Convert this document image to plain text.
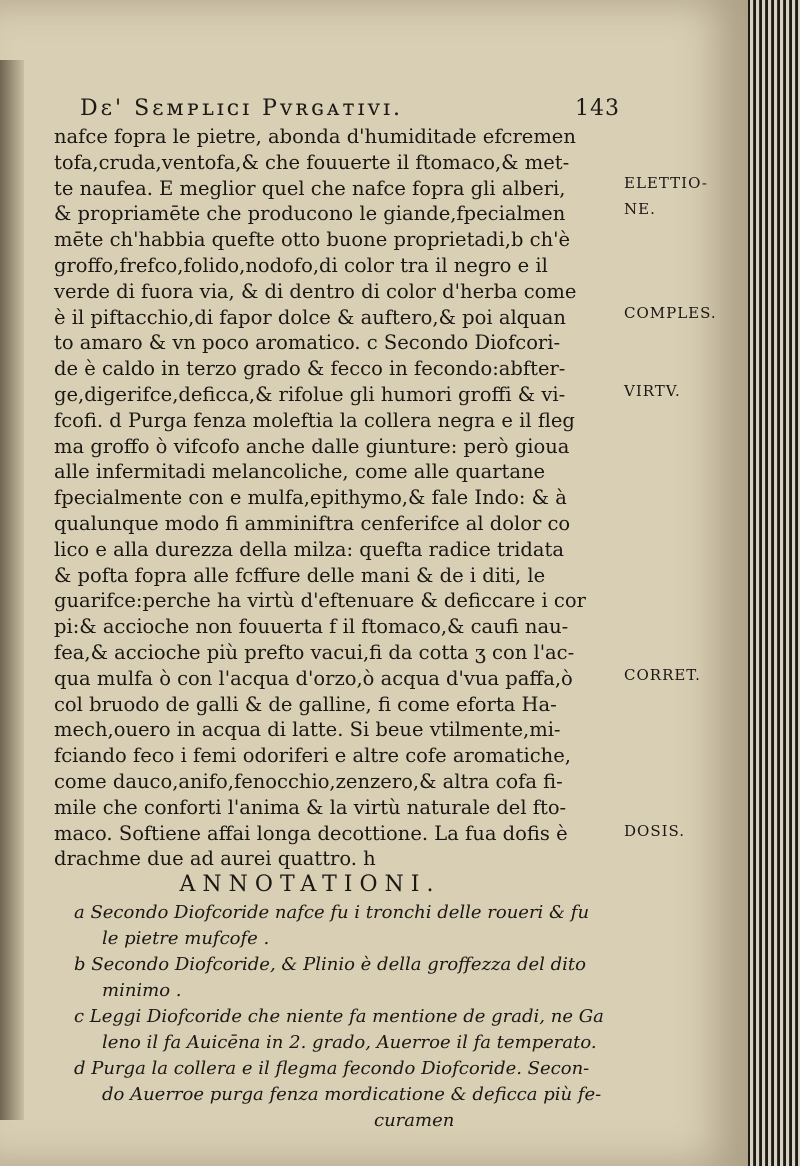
Dɛ' Sɛᴍᴘʟɪᴄɪ Pᴠʀɢᴀᴛɪᴠɪ.	143
nafce fopra le pietre, abonda d'humiditade efcremen
tofa,cruda,ventofa,& che fouuerte il ftomaco,& met-
te naufea. E meglior quel che nafce fopra gli alberi,
& propriamēte che producono le giande,fpecialmen
mēte ch'habbia quefte otto buone proprietadi,b ch'è
groffo,frefco,folido,nodofo,di color tra il negro e il
verde di fuora via, & di dentro di color d'herba come
è il piftacchio,di fapor dolce & auftero,& poi alquan
to amaro & vn poco aromatico. c Secondo Diofcori-
de è caldo in terzo grado & fecco in fecondo:abfter-
ge,digerifce,deficca,& rifolue gli humori groffi & vi-
fcofi. d Purga fenza moleftia la collera negra e il fleg
ma groffo ò vifcofo anche dalle giunture: però gioua
alle infermitadi melancoliche, come alle quartane
fpecialmente con e mulfa,epithymo,& fale Indo: & à
qualunque modo fi amminiftra cenferifce al dolor co
lico e alla durezza della milza: quefta radice tridata
& pofta fopra alle fcffure delle mani & de i diti, le
guarifce:perche ha virtù d'eftenuare & deficcare i cor
pi:& accioche non fouuerta f il ftomaco,& caufi nau-
fea,& accioche più prefto vacui,fi da cotta ʒ con l'ac-
qua mulfa ò con l'acqua d'orzo,ò acqua d'vua paffa,ò
col bruodo de galli & de galline, fi come eforta Ha-
mech,ouero in acqua di latte. Si beue vtilmente,mi-
fciando feco i femi odoriferi e altre cofe aromatiche,
come dauco,anifo,fenocchio,zenzero,& altra cofa fi-
mile che conforti l'anima & la virtù naturale del fto-
maco. Softiene affai longa decottione. La fua dofis è
drachme due ad aurei quattro. h
ELETTIO-
NE.
COMPLES.
VIRTV.
CORRET.
DOSIS.
ANNOTATIONI.
a Secondo Diofcoride nafce fu i tronchi delle roueri & fu
le pietre mufcofe .
b Secondo Diofcoride, & Plinio è della groffezza del dito
minimo .
c Leggi Diofcoride che niente fa mentione de gradi, ne Ga
leno il fa Auicēna in 2. grado, Auerroe il fa temperato.
d Purga la collera e il flegma fecondo Diofcoride. Secon-
do Auerroe purga fenza mordicatione & deficca più fe-
curamen
